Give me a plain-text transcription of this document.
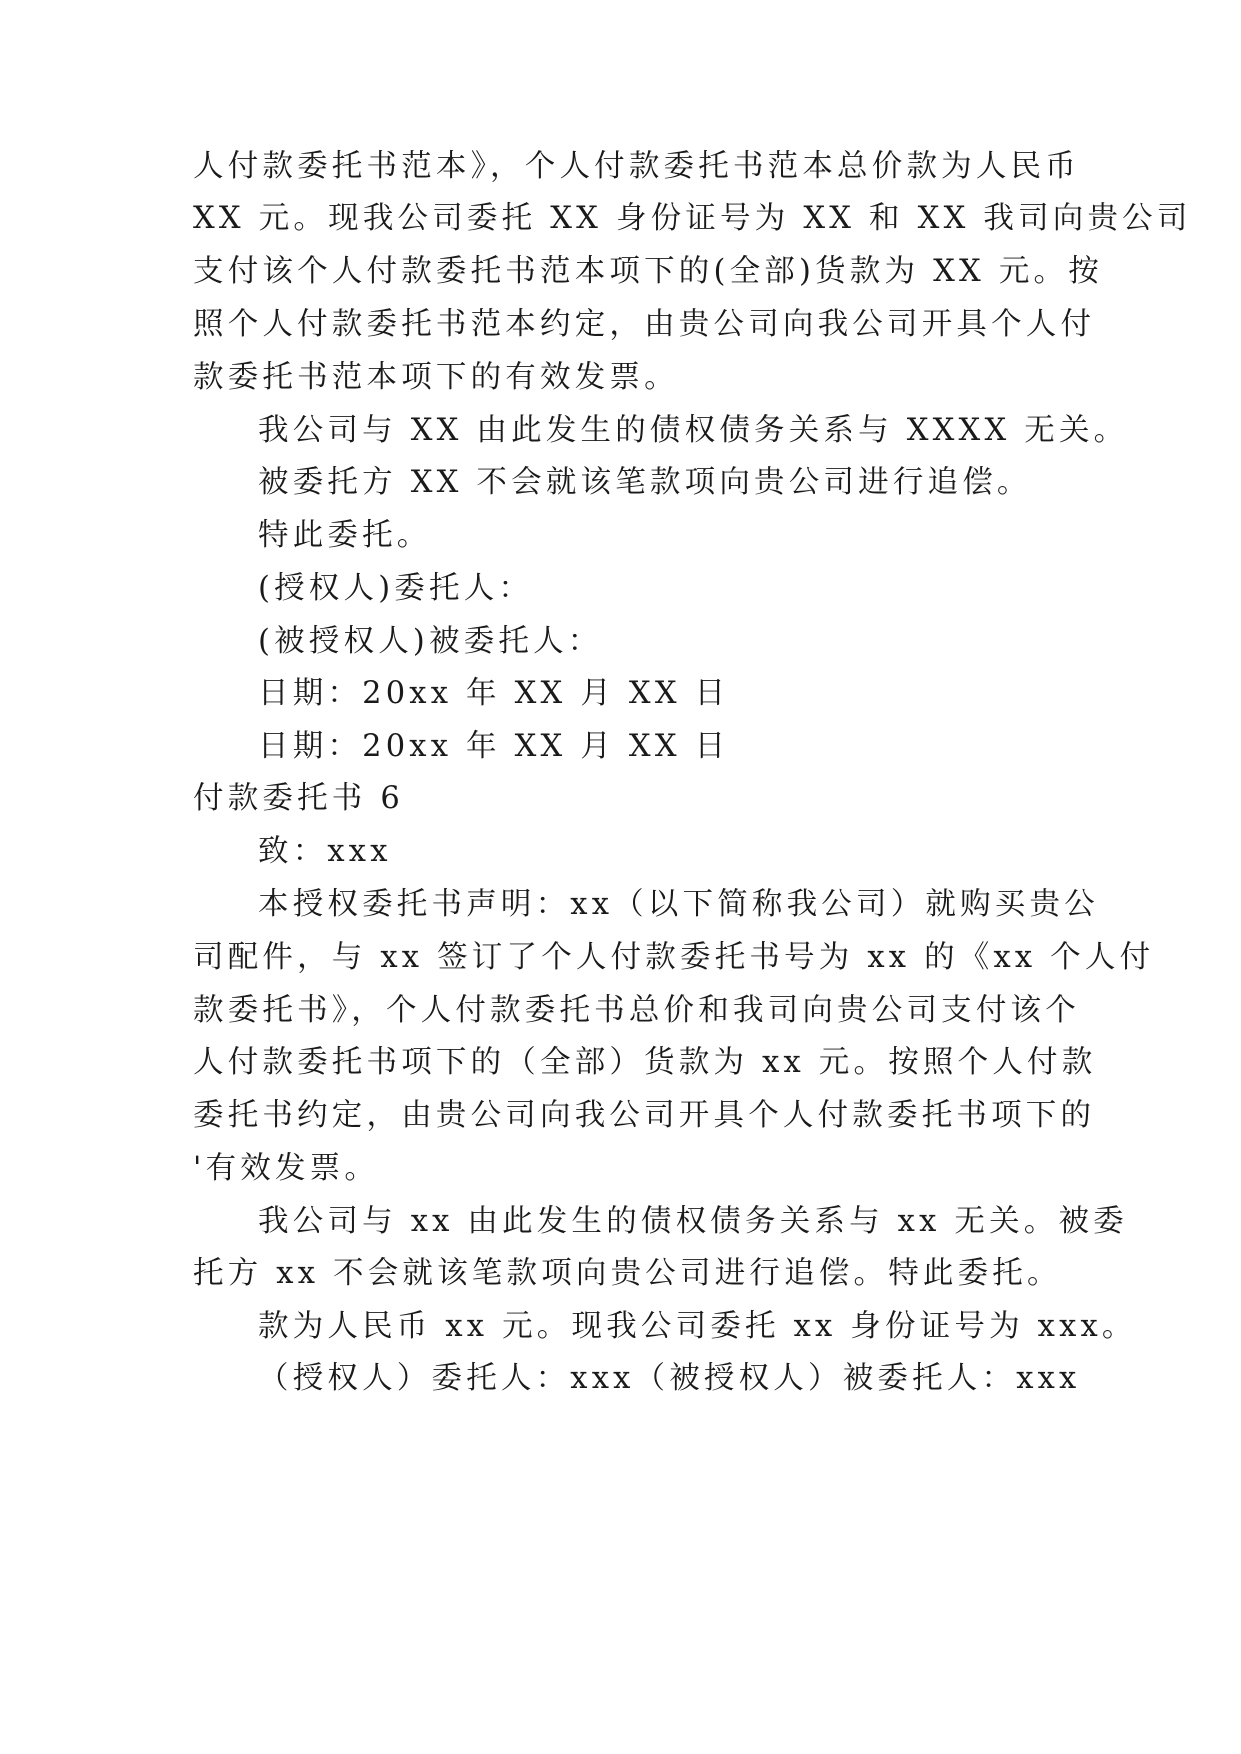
人付款委托书范本》，个人付款委托书范本总价款为人民币
XX 元。现我公司委托 XX 身份证号为 XX 和 XX 我司向贵公司
支付该个人付款委托书范本项下的(全部)货款为 XX 元。按
照个人付款委托书范本约定，由贵公司向我公司开具个人付
款委托书范本项下的有效发票。
我公司与 XX 由此发生的债权债务关系与 XXXX 无关。
被委托方 XX 不会就该笔款项向贵公司进行追偿。
特此委托。
(授权人)委托人：
(被授权人)被委托人：
日期：20xx 年 XX 月 XX 日
日期：20xx 年 XX 月 XX 日
付款委托书 6
致：xxx
本授权委托书声明：xx（以下简称我公司）就购买贵公
司配件，与 xx 签订了个人付款委托书号为 xx 的《xx 个人付
款委托书》，个人付款委托书总价和我司向贵公司支付该个
人付款委托书项下的（全部）货款为 xx 元。按照个人付款
委托书约定，由贵公司向我公司开具个人付款委托书项下的
'有效发票。
我公司与 xx 由此发生的债权债务关系与 xx 无关。被委
托方 xx 不会就该笔款项向贵公司进行追偿。特此委托。
款为人民币 xx 元。现我公司委托 xx 身份证号为 xxx。
（授权人）委托人：xxx（被授权人）被委托人：xxx
